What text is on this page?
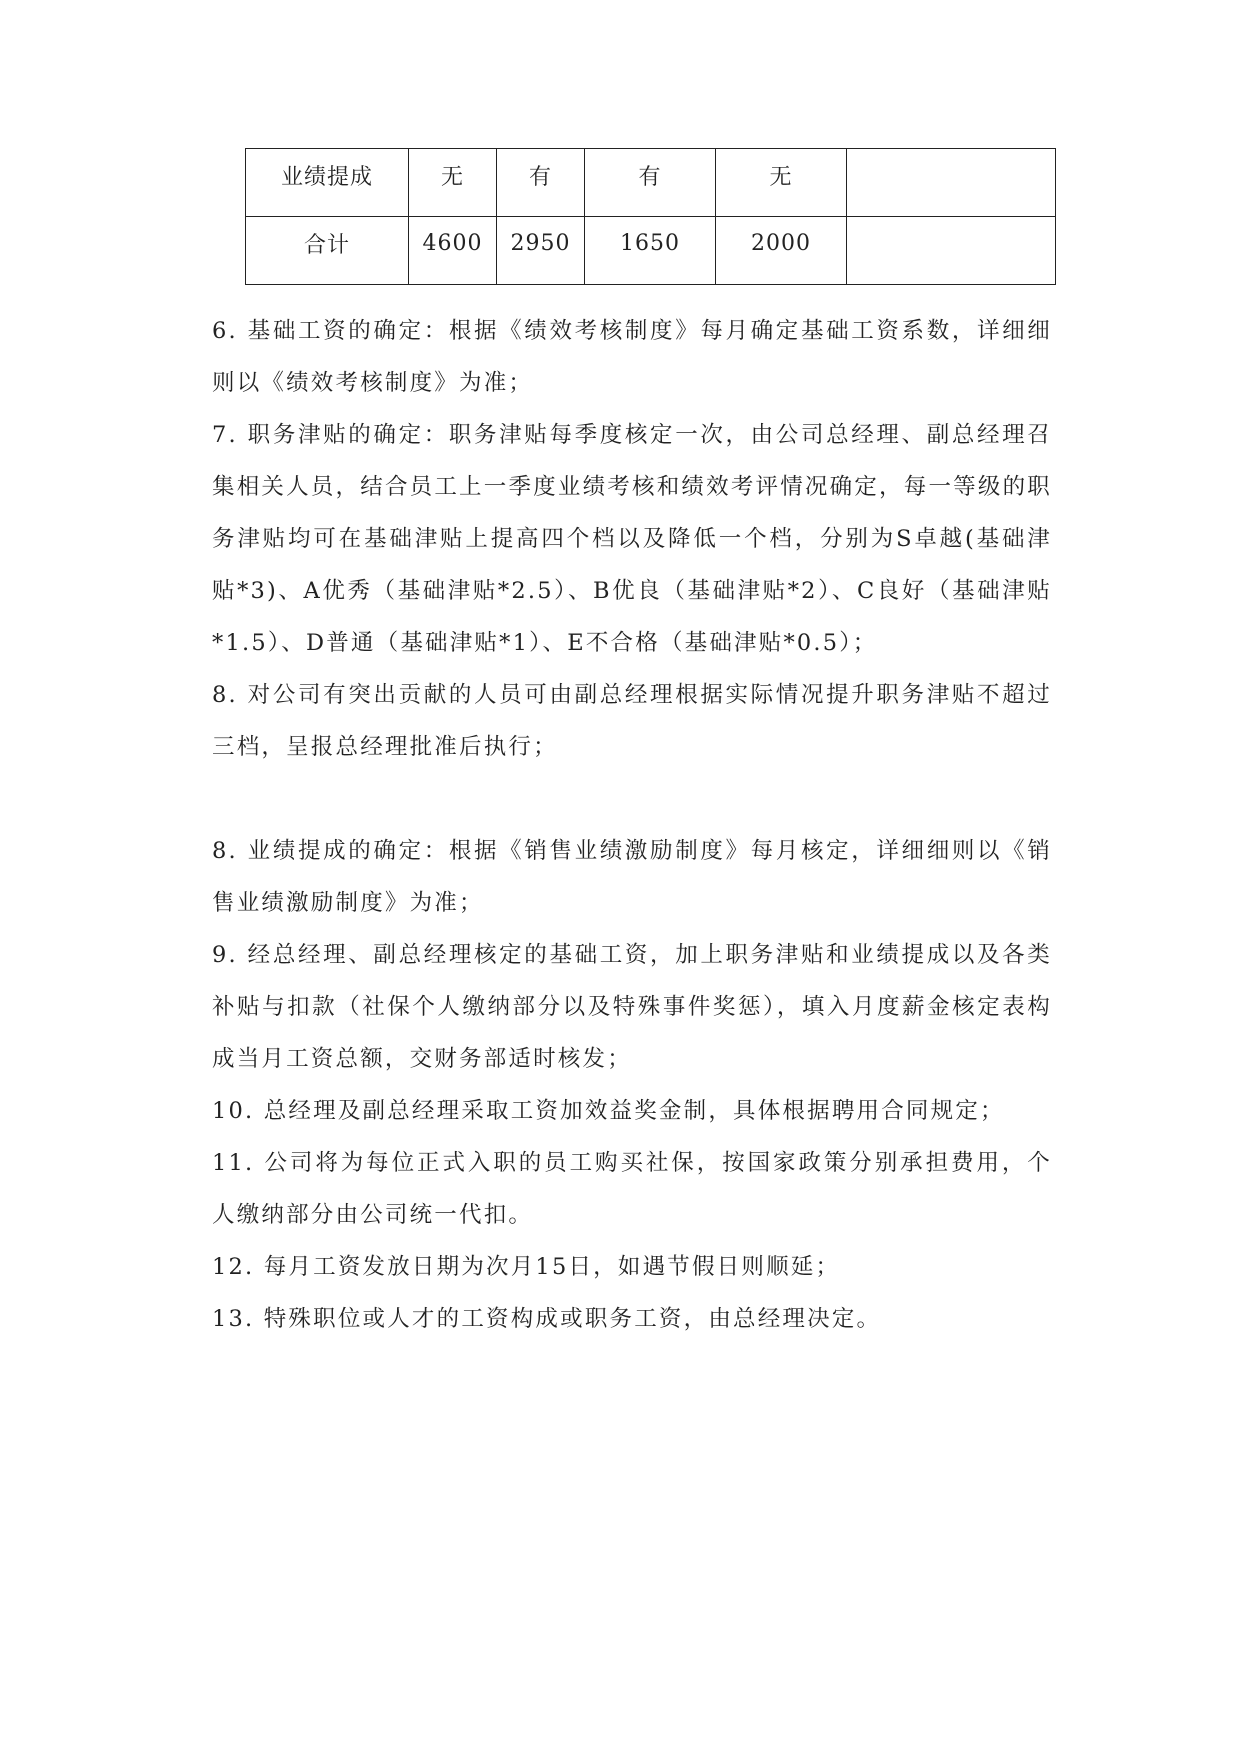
业绩提成	无	有	有	无	
合计	4600	2950	1650	2000	

6. 基础工资的确定：根据《绩效考核制度》每月确定基础工资系数，详细细则以《绩效考核制度》为准；

7. 职务津贴的确定：职务津贴每季度核定一次，由公司总经理、副总经理召集相关人员，结合员工上一季度业绩考核和绩效考评情况确定，每一等级的职务津贴均可在基础津贴上提高四个档以及降低一个档，分别为S卓越(基础津贴*3)、A优秀（基础津贴*2.5）、B优良（基础津贴*2）、C良好（基础津贴*1.5）、D普通（基础津贴*1）、E不合格（基础津贴*0.5）；

8. 对公司有突出贡献的人员可由副总经理根据实际情况提升职务津贴不超过三档，呈报总经理批准后执行；

8. 业绩提成的确定：根据《销售业绩激励制度》每月核定，详细细则以《销售业绩激励制度》为准；

9. 经总经理、副总经理核定的基础工资，加上职务津贴和业绩提成以及各类补贴与扣款（社保个人缴纳部分以及特殊事件奖惩），填入月度薪金核定表构成当月工资总额，交财务部适时核发；

10. 总经理及副总经理采取工资加效益奖金制，具体根据聘用合同规定；

11. 公司将为每位正式入职的员工购买社保，按国家政策分别承担费用，个人缴纳部分由公司统一代扣。

12. 每月工资发放日期为次月15日，如遇节假日则顺延；

13. 特殊职位或人才的工资构成或职务工资，由总经理决定。
